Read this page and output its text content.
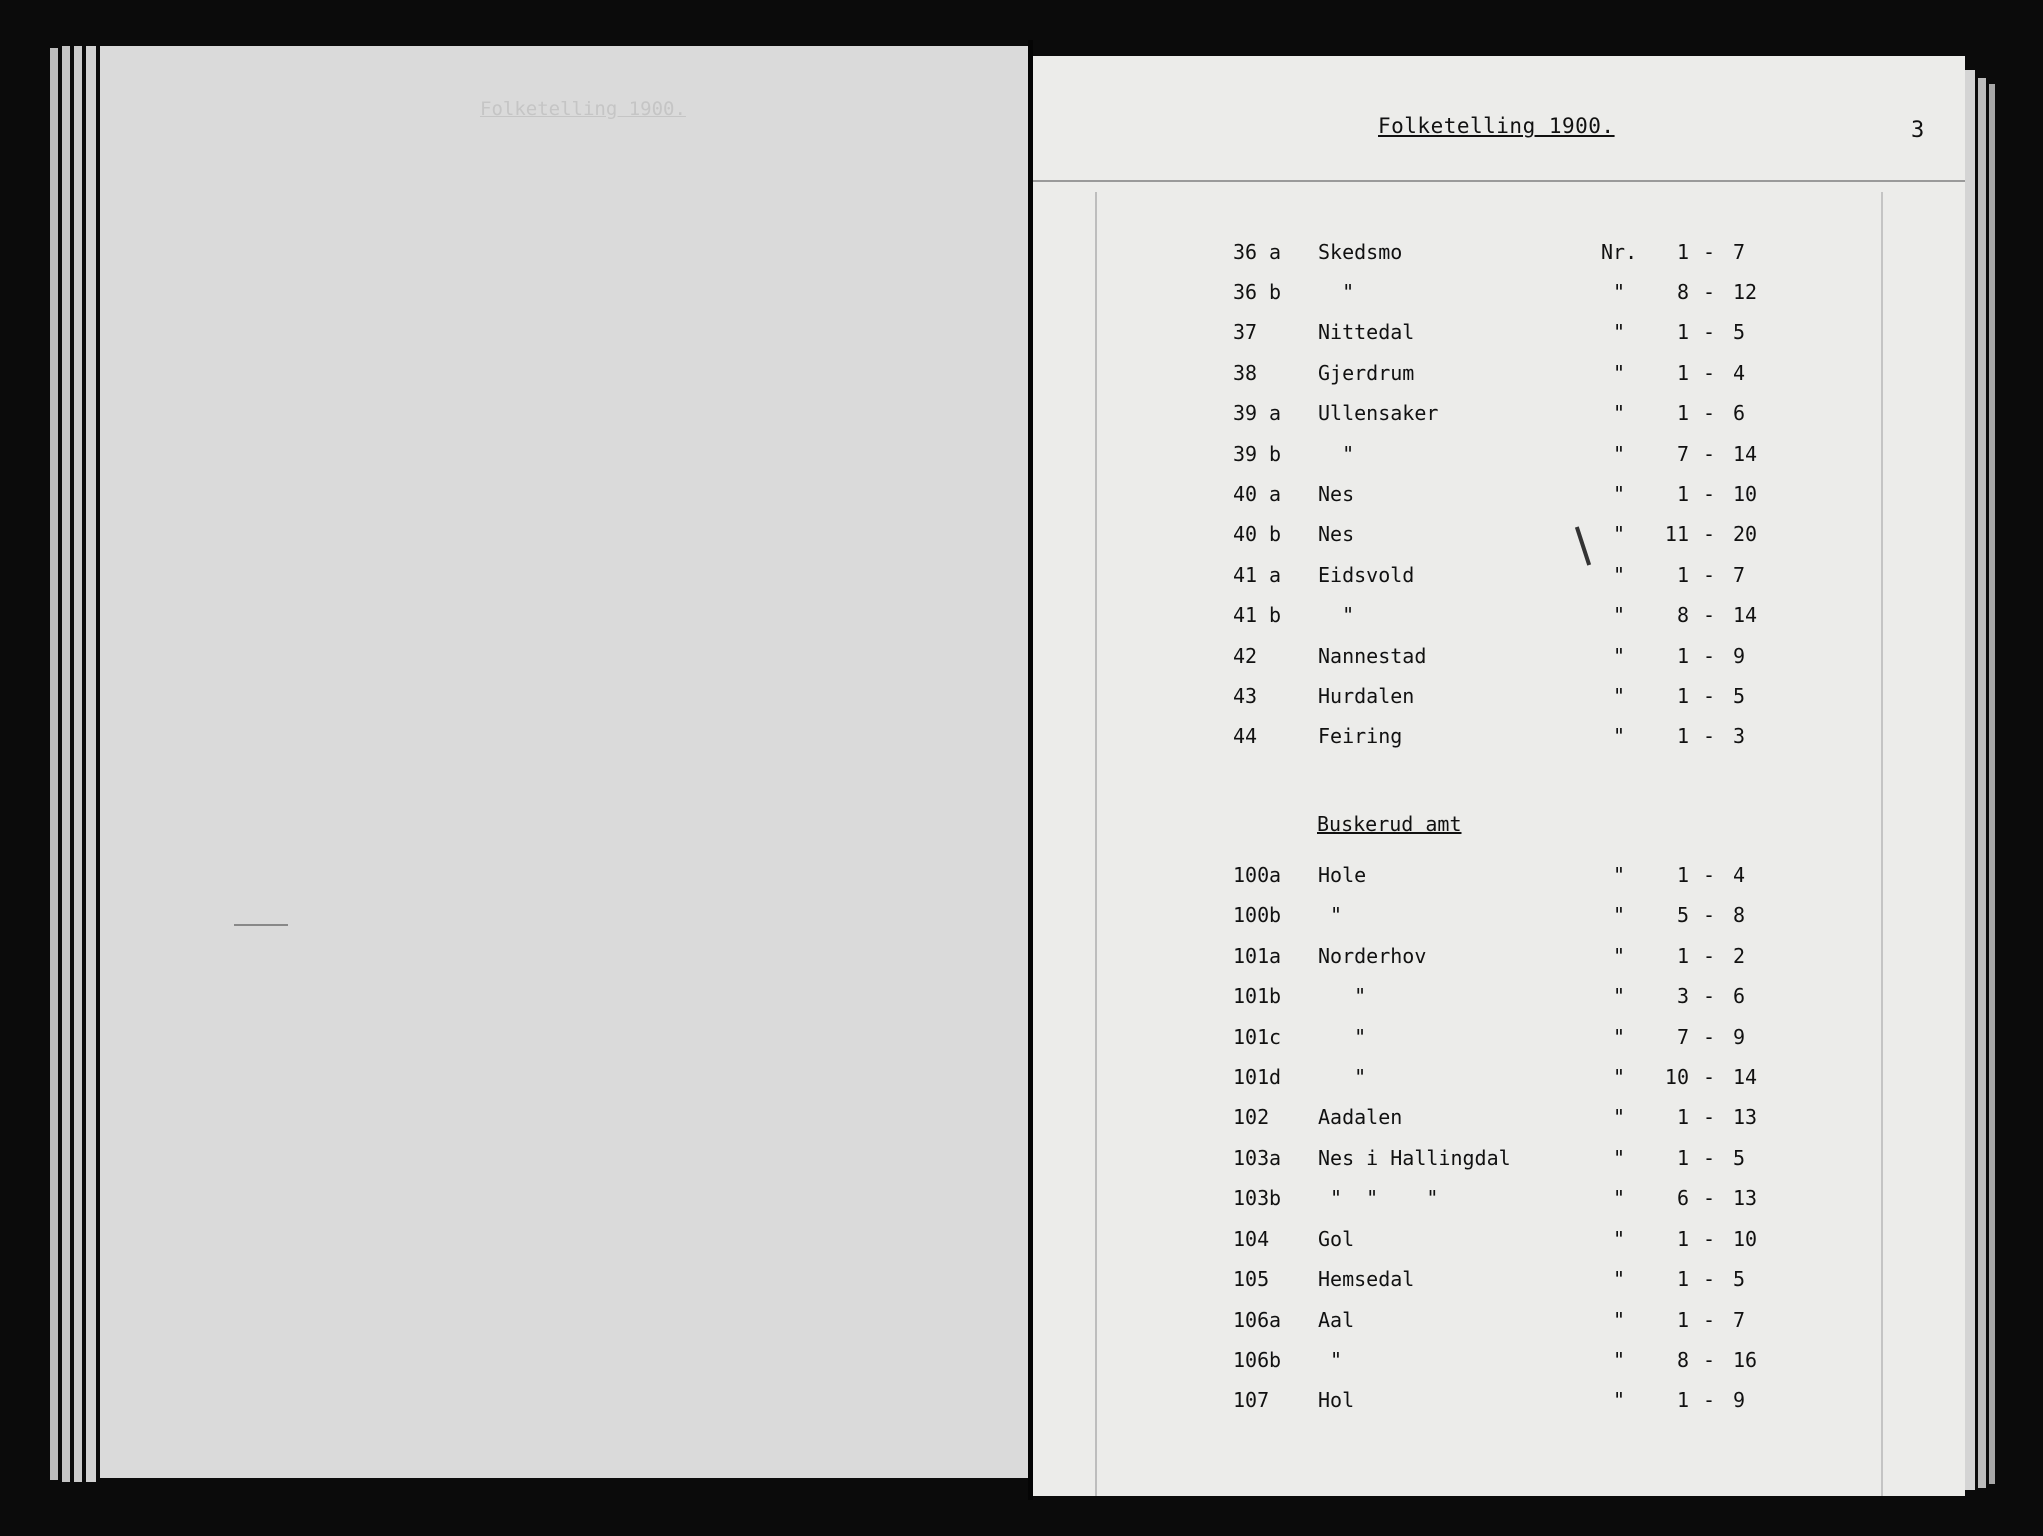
Folketelling 1900.
Folketelling 1900.	3
36 a Skedsmo	Nr.	1 - 7
36 b "	"	8 - 12
37	Nittedal	"	1 - 5
38	Gjerdrum	"	1 - 4
39 a Ullensaker	"	1 - 6
39 b "	"	7 - 14
40 a Nes	"	1 - 10
40 b Nes	"	11 - 20
41 a Eidsvold	"	1 - 7
41 b "	"	8 - 14
42	Nannestad	"	1 - 9
43	Hurdalen	"	1 - 5
44	Feiring	"	1 - 3
Buskerud amt
100 a Hole	"	1 - 4
100 b "	"	5 - 8
101 a Norderhov	"	1 - 2
101 b "	"	3 - 6
101 c "	"	7 - 9
101 d "	"	10 - 14
102 Aadalen	"	1 - 13
103 a Nes i Hallingdal	"	1 - 5
103 b "  "    "	"	6 - 13
104 Gol	"	1 - 10
105 Hemsedal	"	1 - 5
106 a Aal	"	1 - 7
106 b "	"	8 - 16
107 Hol	"	1 - 9
